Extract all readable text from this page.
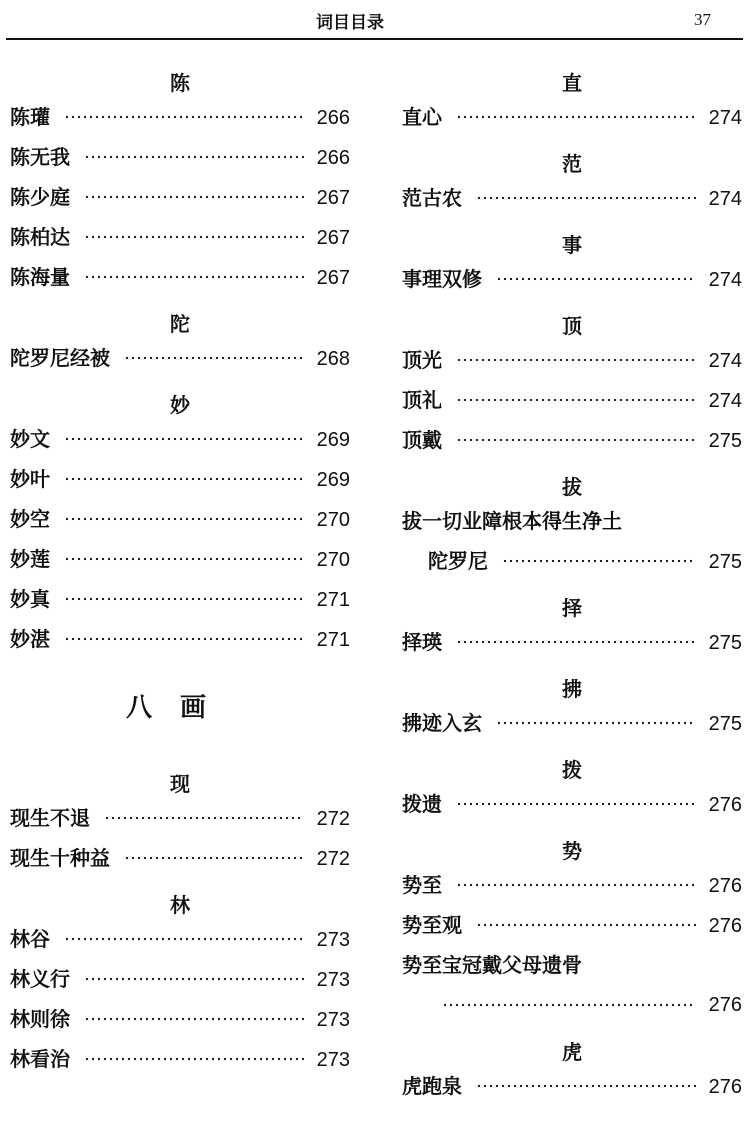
词目目录	37
陈
陈瓘	266
陈无我	266
陈少庭	267
陈柏达	267
陈海量	267
陀
陀罗尼经被	268
妙
妙文	269
妙叶	269
妙空	270
妙莲	270
妙真	271
妙湛	271
八画
现
现生不退	272
现生十种益	272
林
林谷	273
林义行	273
林则徐	273
林看治	273
直
直心	274
范
范古农	274
事
事理双修	274
顶
顶光	274
顶礼	274
顶戴	275
拔
拔一切业障根本得生净土
陀罗尼	275
择
择瑛	275
拂
拂迹入玄	275
拨
拨遗	276
势
势至	276
势至观	276
势至宝冠戴父母遗骨
276
虎
虎跑泉	276
